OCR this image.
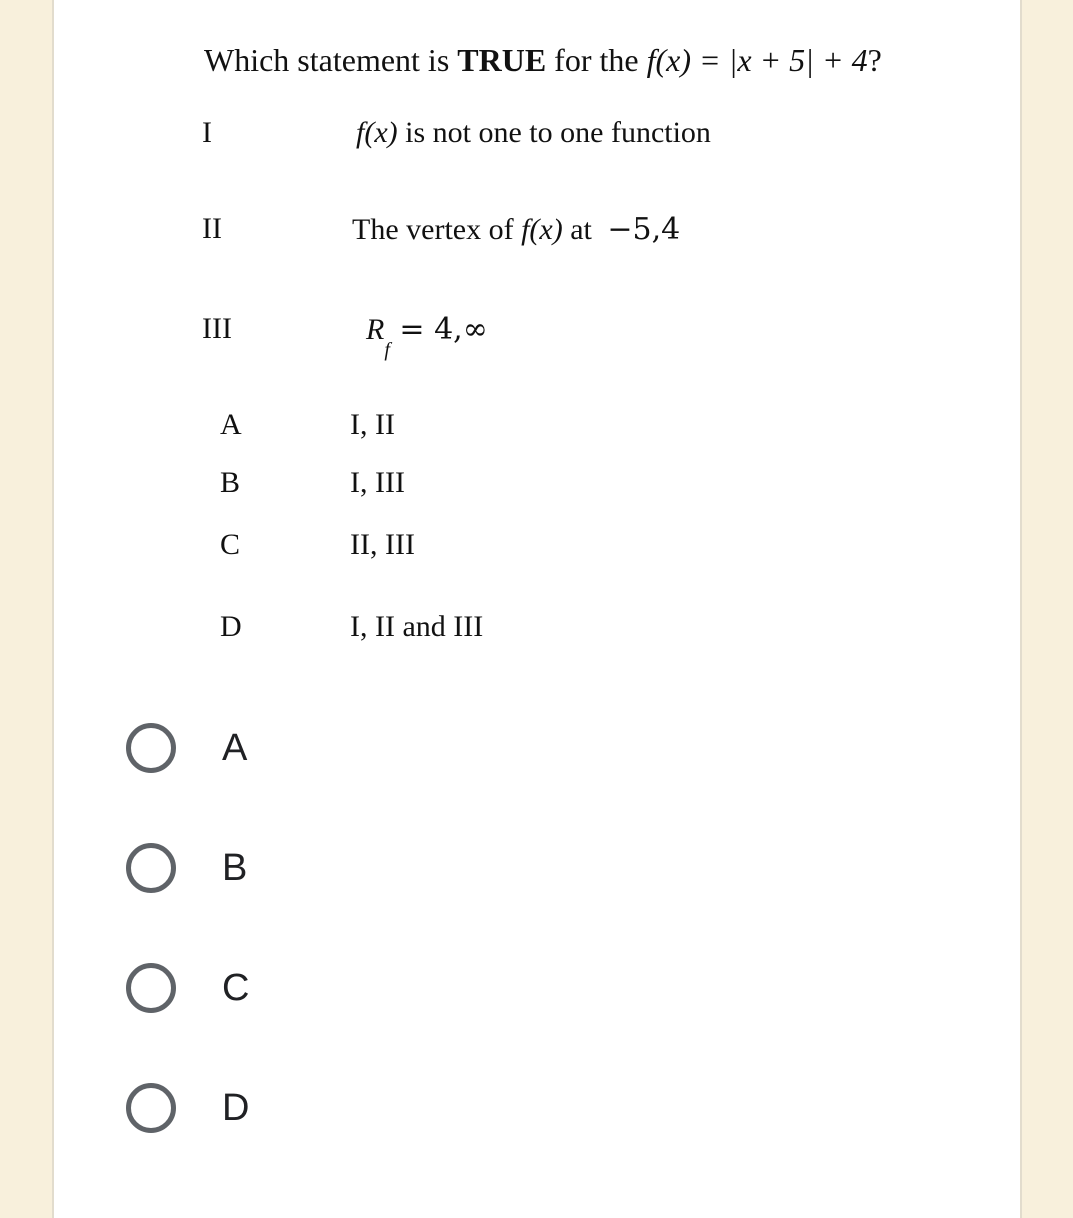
Which statement is TRUE for the f(x) = |x + 5| + 4?
I	f(x) is not one to one function
II	The vertex of f(x) at −5,4
III	$R_f = 4,\infty$
A	I, II
B	I, III
C	II, III
D	I, II and III
A
B
C
D
